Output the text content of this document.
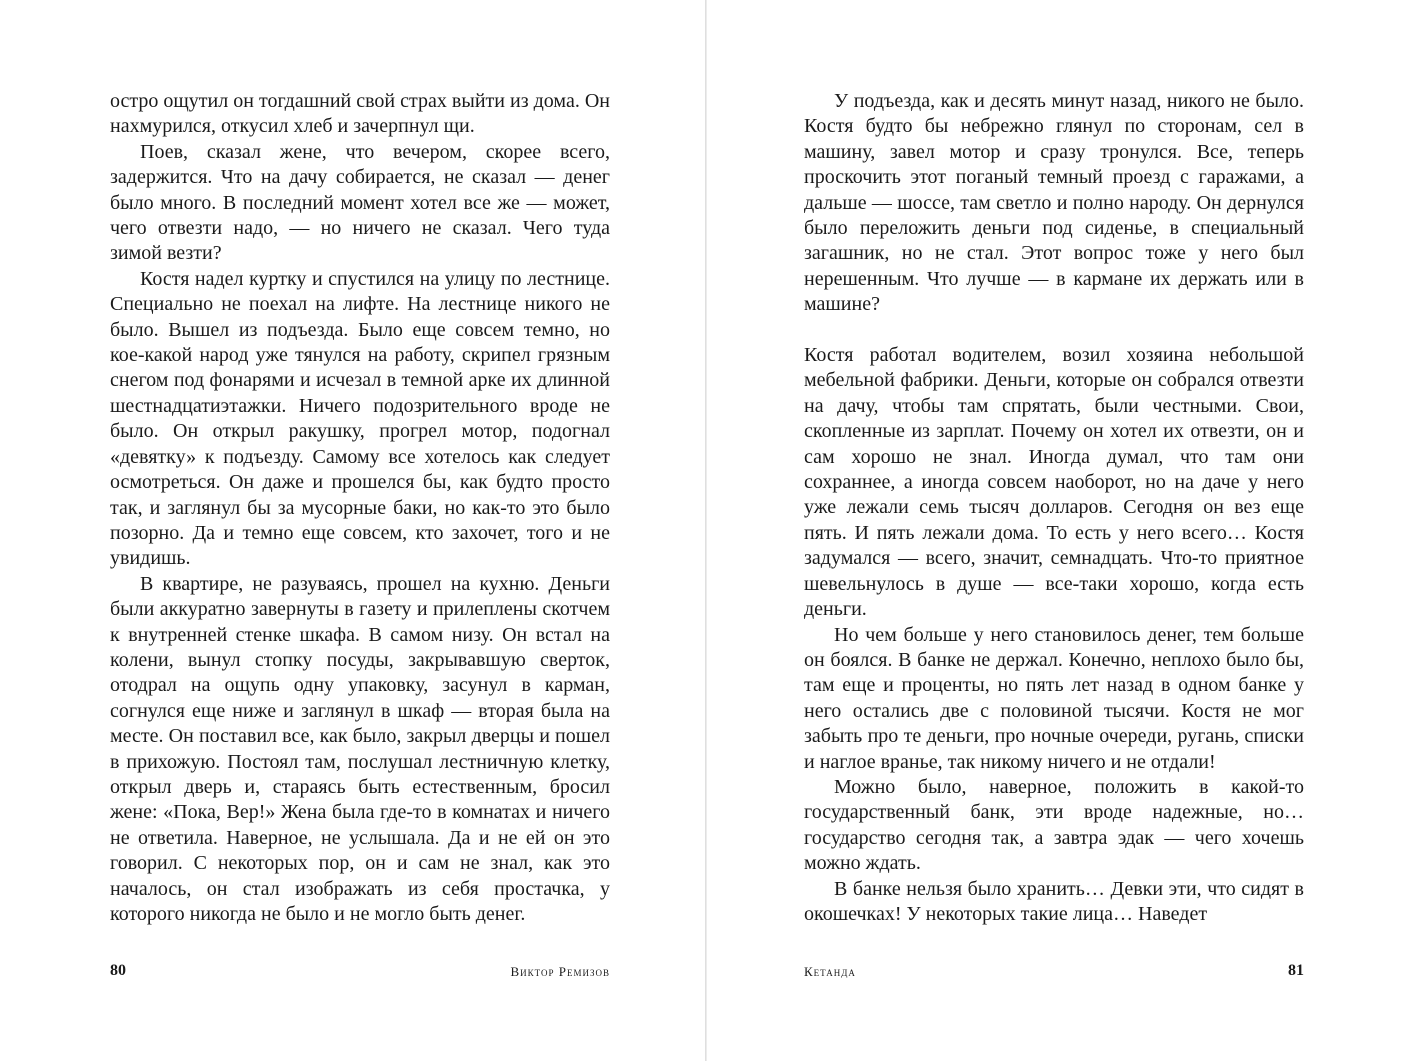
остро ощутил он тогдашний свой страх выйти из дома. Он нахмурился, откусил хлеб и зачерпнул щи.

Поев, сказал жене, что вечером, скорее всего, задержится. Что на дачу собирается, не сказал — денег было много. В последний момент хотел все же — может, чего отвезти надо, — но ничего не сказал. Чего туда зимой везти?

Костя надел куртку и спустился на улицу по лестнице. Специально не поехал на лифте. На лестнице никого не было. Вышел из подъезда. Было еще совсем темно, но кое-какой народ уже тянулся на работу, скрипел грязным снегом под фонарями и исчезал в темной арке их длинной шестнадцатиэтажки. Ничего подозрительного вроде не было. Он открыл ракушку, прогрел мотор, подогнал «девятку» к подъезду. Самому все хотелось как следует осмотреться. Он даже и прошелся бы, как будто просто так, и заглянул бы за мусорные баки, но как-то это было позорно. Да и темно еще совсем, кто захочет, того и не увидишь.

В квартире, не разуваясь, прошел на кухню. Деньги были аккуратно завернуты в газету и прилеплены скотчем к внутренней стенке шкафа. В самом низу. Он встал на колени, вынул стопку посуды, закрывавшую сверток, отодрал на ощупь одну упаковку, засунул в карман, согнулся еще ниже и заглянул в шкаф — вторая была на месте. Он поставил все, как было, закрыл дверцы и пошел в прихожую. Постоял там, послушал лестничную клетку, открыл дверь и, стараясь быть естественным, бросил жене: «Пока, Вер!» Жена была где-то в комнатах и ничего не ответила. Наверное, не услышала. Да и не ей он это говорил. С некоторых пор, он и сам не знал, как это началось, он стал изображать из себя простачка, у которого никогда не было и не могло быть денег.

80	Виктор Ремизов

У подъезда, как и десять минут назад, никого не было. Костя будто бы небрежно глянул по сторонам, сел в машину, завел мотор и сразу тронулся. Все, теперь проскочить этот поганый темный проезд с гаражами, а дальше — шоссе, там светло и полно народу. Он дернулся было переложить деньги под сиденье, в специальный загашник, но не стал. Этот вопрос тоже у него был нерешенным. Что лучше — в кармане их держать или в машине?

Костя работал водителем, возил хозяина небольшой мебельной фабрики. Деньги, которые он собрался отвезти на дачу, чтобы там спрятать, были честными. Свои, скопленные из зарплат. Почему он хотел их отвезти, он и сам хорошо не знал. Иногда думал, что там они сохраннее, а иногда совсем наоборот, но на даче у него уже лежали семь тысяч долларов. Сегодня он вез еще пять. И пять лежали дома. То есть у него всего… Костя задумался — всего, значит, семнадцать. Что-то приятное шевельнулось в душе — все-таки хорошо, когда есть деньги.

Но чем больше у него становилось денег, тем больше он боялся. В банке не держал. Конечно, неплохо было бы, там еще и проценты, но пять лет назад в одном банке у него остались две с половиной тысячи. Костя не мог забыть про те деньги, про ночные очереди, ругань, списки и наглое вранье, так никому ничего и не отдали!

Можно было, наверное, положить в какой-то государственный банк, эти вроде надежные, но… государство сегодня так, а завтра эдак — чего хочешь можно ждать.

В банке нельзя было хранить… Девки эти, что сидят в окошечках! У некоторых такие лица… Наведет

Кетанда	81
